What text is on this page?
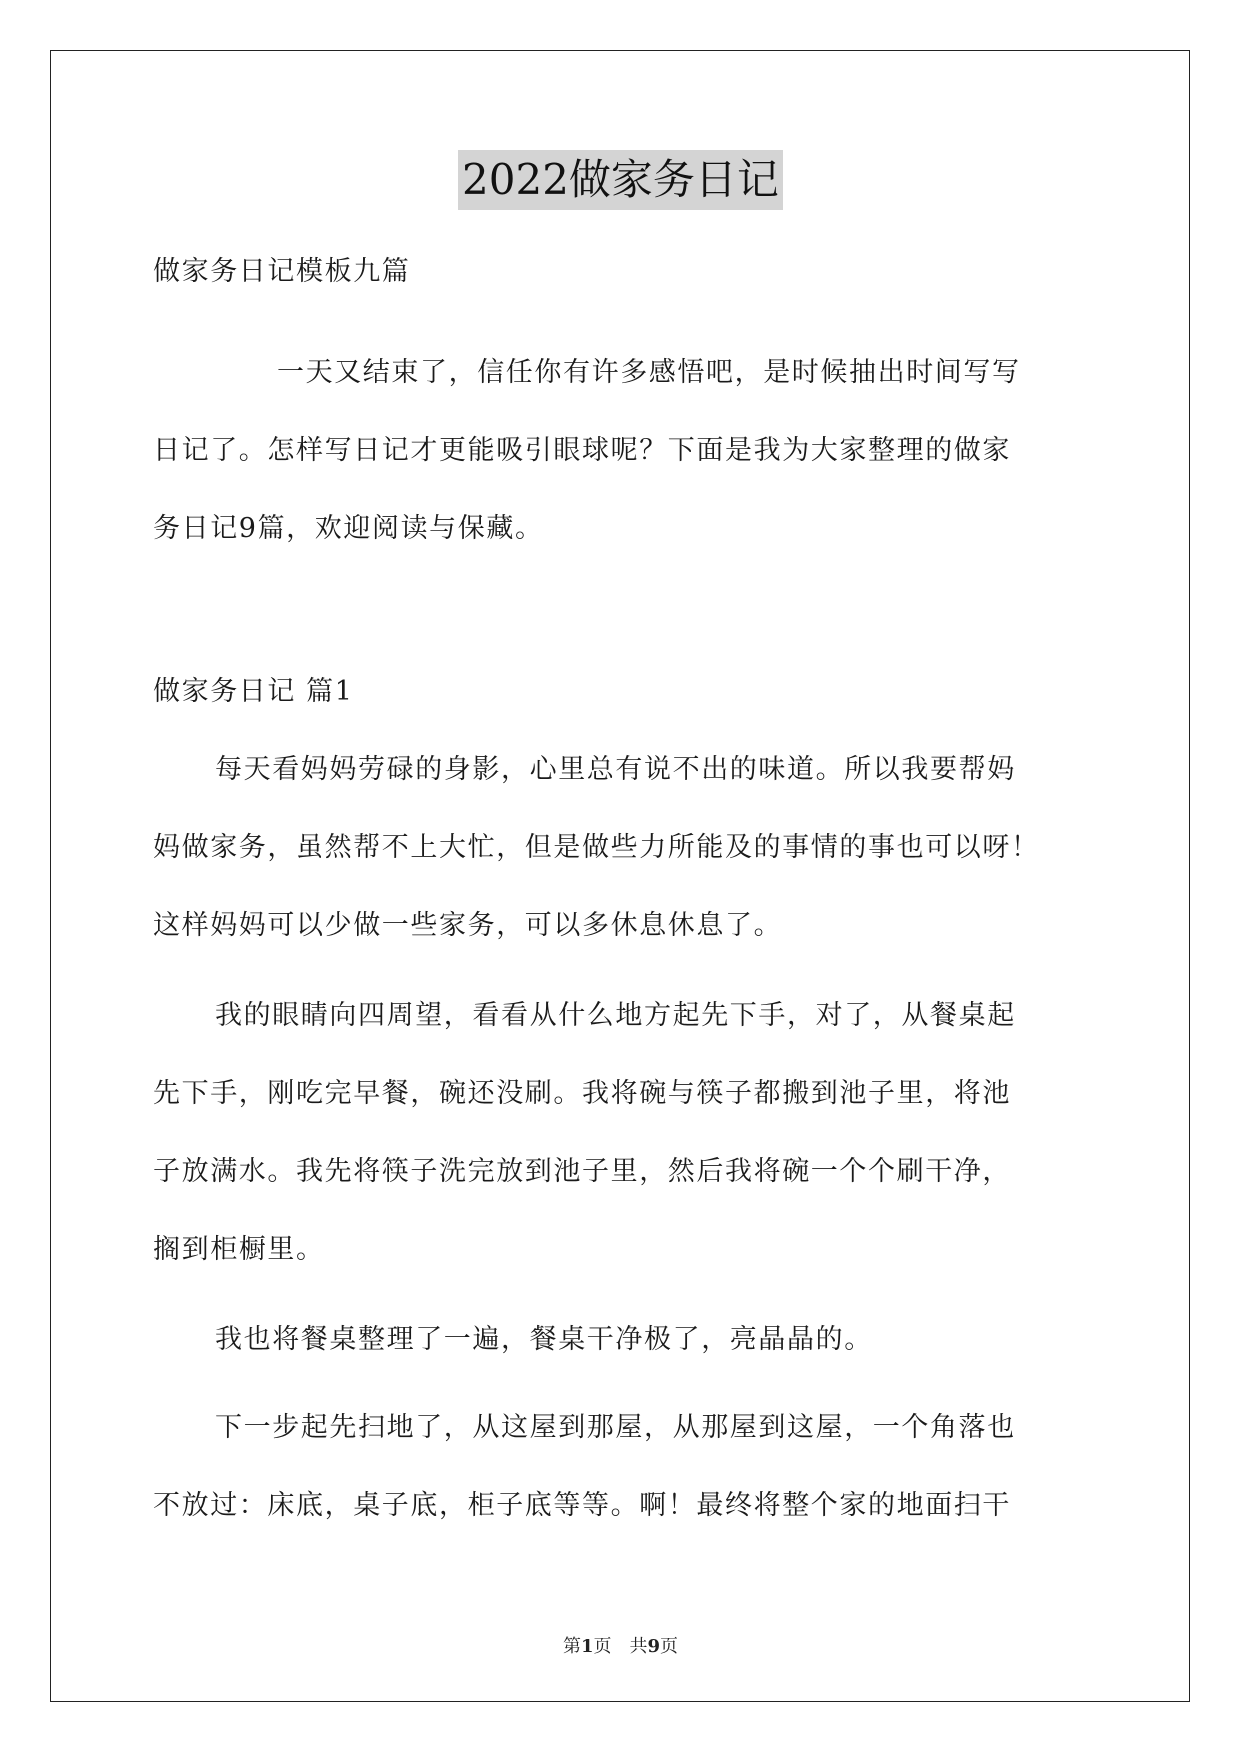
2022做家务日记
做家务日记模板九篇
一天又结束了，信任你有许多感悟吧，是时候抽出时间写写
日记了。怎样写日记才更能吸引眼球呢？下面是我为大家整理的做家
务日记9篇，欢迎阅读与保藏。
做家务日记 篇1
每天看妈妈劳碌的身影，心里总有说不出的味道。所以我要帮妈
妈做家务，虽然帮不上大忙，但是做些力所能及的事情的事也可以呀！
这样妈妈可以少做一些家务，可以多休息休息了。
我的眼睛向四周望，看看从什么地方起先下手，对了，从餐桌起
先下手，刚吃完早餐，碗还没刷。我将碗与筷子都搬到池子里，将池
子放满水。我先将筷子洗完放到池子里，然后我将碗一个个刷干净，
搁到柜橱里。
我也将餐桌整理了一遍，餐桌干净极了，亮晶晶的。
下一步起先扫地了，从这屋到那屋，从那屋到这屋，一个角落也
不放过：床底，桌子底，柜子底等等。啊！最终将整个家的地面扫干
第1页　共9页
